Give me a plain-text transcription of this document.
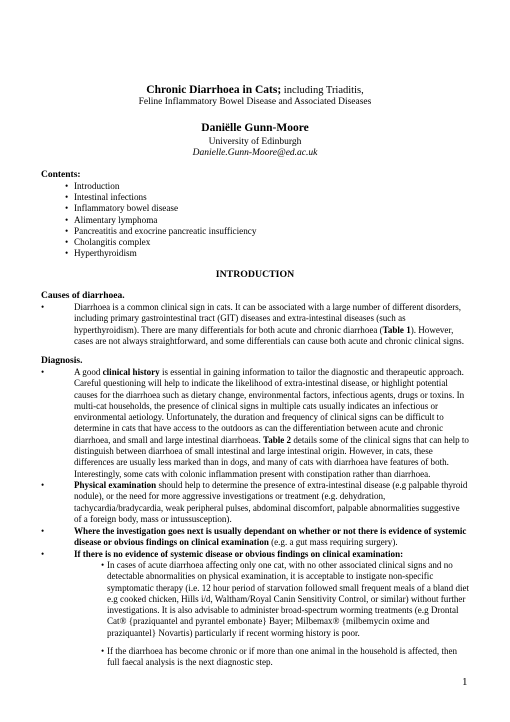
Chronic Diarrhoea in Cats; including Triaditis,
Feline Inflammatory Bowel Disease and Associated Diseases
Daniëlle Gunn-Moore
University of Edinburgh
Danielle.Gunn-Moore@ed.ac.uk
Contents:
• Introduction
• Intestinal infections
• Inflammatory bowel disease
• Alimentary lymphoma
• Pancreatitis and exocrine pancreatic insufficiency
• Cholangitis complex
• Hyperthyroidism
INTRODUCTION
Causes of diarrhoea.
•	Diarrhoea is a common clinical sign in cats. It can be associated with a large number of different disorders,
including primary gastrointestinal tract (GIT) diseases and extra-intestinal diseases (such as
hyperthyroidism). There are many differentials for both acute and chronic diarrhoea (Table 1). However,
cases are not always straightforward, and some differentials can cause both acute and chronic clinical signs.
Diagnosis.
•	A good clinical history is essential in gaining information to tailor the diagnostic and therapeutic approach.
Careful questioning will help to indicate the likelihood of extra-intestinal disease, or highlight potential
causes for the diarrhoea such as dietary change, environmental factors, infectious agents, drugs or toxins. In
multi-cat households, the presence of clinical signs in multiple cats usually indicates an infectious or
environmental aetiology. Unfortunately, the duration and frequency of clinical signs can be difficult to
determine in cats that have access to the outdoors as can the differentiation between acute and chronic
diarrhoea, and small and large intestinal diarrhoeas. Table 2 details some of the clinical signs that can help to
distinguish between diarrhoea of small intestinal and large intestinal origin. However, in cats, these
differences are usually less marked than in dogs, and many of cats with diarrhoea have features of both.
Interestingly, some cats with colonic inflammation present with constipation rather than diarrhoea.
•	Physical examination should help to determine the presence of extra-intestinal disease (e.g palpable thyroid
nodule), or the need for more aggressive investigations or treatment (e.g. dehydration,
tachycardia/bradycardia, weak peripheral pulses, abdominal discomfort, palpable abnormalities suggestive
of a foreign body, mass or intussusception).
•	Where the investigation goes next is usually dependant on whether or not there is evidence of systemic
disease or obvious findings on clinical examination (e.g. a gut mass requiring surgery).
•	If there is no evidence of systemic disease or obvious findings on clinical examination:
• In cases of acute diarrhoea affecting only one cat, with no other associated clinical signs and no
detectable abnormalities on physical examination, it is acceptable to instigate non-specific
symptomatic therapy (i.e. 12 hour period of starvation followed small frequent meals of a bland diet
e.g cooked chicken, Hills i/d, Waltham/Royal Canin Sensitivity Control, or similar) without further
investigations. It is also advisable to administer broad-spectrum worming treatments (e.g Drontal
Cat® {praziquantel and pyrantel embonate} Bayer; Milbemax® {milbemycin oxime and
praziquantel} Novartis) particularly if recent worming history is poor.
• If the diarrhoea has become chronic or if more than one animal in the household is affected, then
full faecal analysis is the next diagnostic step.
1
